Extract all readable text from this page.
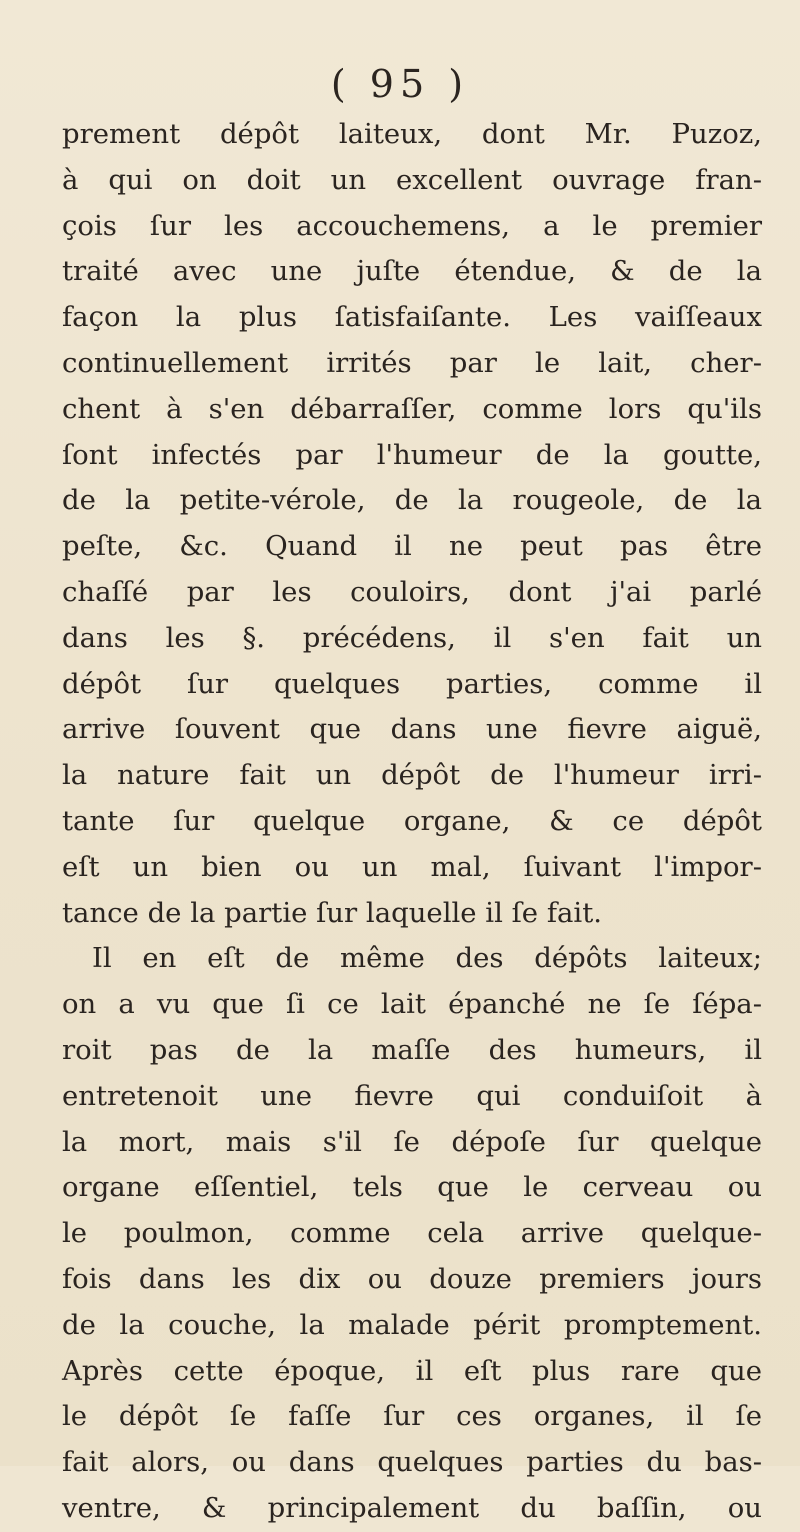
( 95 )
prement dépôt laiteux, dont Mr. Puzoz,
à qui on doit un excellent ouvrage fran-
çois ſur les accouchemens, a le premier
traité avec une juſte étendue, & de la
façon la plus ſatisfaiſante. Les vaiſſeaux
continuellement irrités par le lait, cher-
chent à s'en débarraſſer, comme lors qu'ils
ſont infectés par l'humeur de la goutte,
de la petite-vérole, de la rougeole, de la
peſte, &c. Quand il ne peut pas être
chaſſé par les couloirs, dont j'ai parlé
dans les §. précédens, il s'en fait un
dépôt ſur quelques parties, comme il
arrive ſouvent que dans une fievre aiguë,
la nature fait un dépôt de l'humeur irri-
tante ſur quelque organe, & ce dépôt
eſt un bien ou un mal, ſuivant l'impor-
tance de la partie ſur laquelle il ſe fait.
Il en eſt de même des dépôts laiteux;
on a vu que ſi ce lait épanché ne ſe ſépa-
roit pas de la maſſe des humeurs, il
entretenoit une fievre qui conduiſoit à
la mort, mais s'il ſe dépoſe ſur quelque
organe eſſentiel, tels que le cerveau ou
le poulmon, comme cela arrive quelque-
fois dans les dix ou douze premiers jours
de la couche, la malade périt promptement.
Après cette époque, il eſt plus rare que
le dépôt ſe faſſe ſur ces organes, il ſe
fait alors, ou dans quelques parties du bas-
ventre, & principalement du baſſin, ou
